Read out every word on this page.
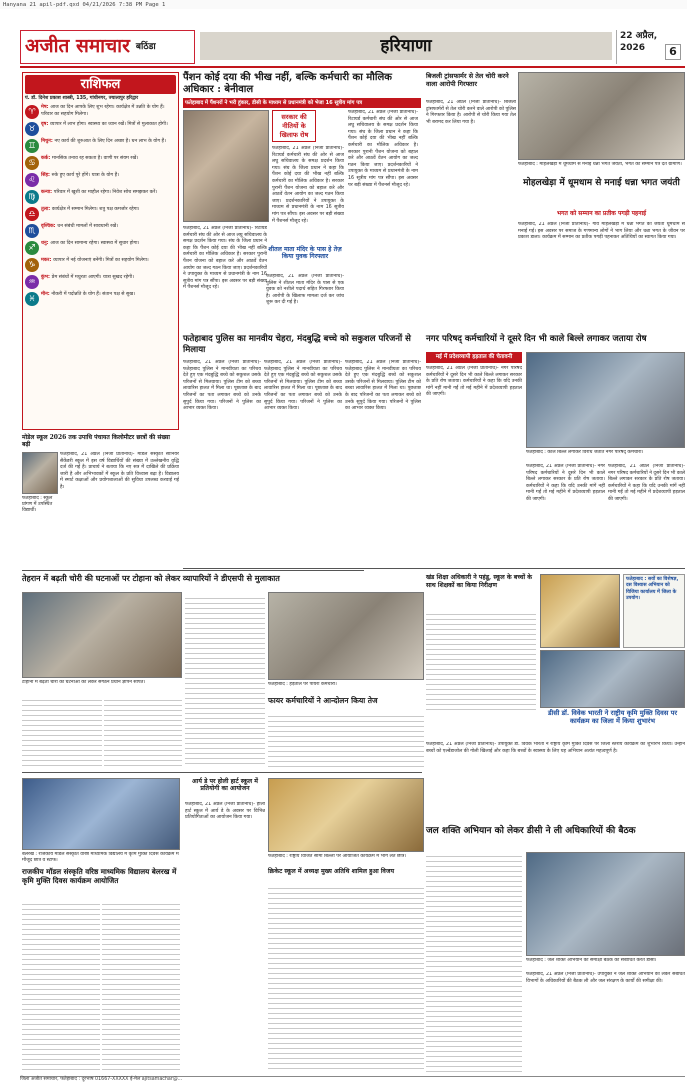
Hanyana 21 apil-pdf.qxd 04/21/2026 7:38 PM Page 1
अजीत समाचार बठिंडा	हरियाणा	22 अप्रैल, 2026	6
राशिफल
पं. डॉ. दिनेश प्रकाश शास्त्री, 135, गांधीनगर, ज्यालापुर हरिद्वार
♈	मेष: आज का दिन आपके लिए शुभ रहेगा। कार्यक्षेत्र में उन्नति के योग हैं। परिवार का सहयोग मिलेगा।
♉	वृष: व्यापार में लाभ होगा। स्वास्थ्य का ध्यान रखें। मित्रों से मुलाकात होगी।
♊	मिथुन: नए कार्य की शुरुआत के लिए दिन अच्छा है। धन लाभ के योग हैं।
♋	कर्क: मानसिक तनाव रह सकता है। वाणी पर संयम रखें।
♌	सिंह: रुके हुए कार्य पूरे होंगे। यात्रा के योग हैं।
♍	कन्या: परिवार में खुशी का माहौल रहेगा। निवेश सोच समझकर करें।
♎	तुला: कार्यक्षेत्र में सम्मान मिलेगा। शत्रु पक्ष कमजोर रहेगा।
♏	वृश्चिक: धन संबंधी मामलों में सावधानी रखें।
♐	धनु: आज का दिन सामान्य रहेगा। स्वास्थ्य में सुधार होगा।
♑	मकर: व्यापार में नई योजनाएं बनेंगी। मित्रों का सहयोग मिलेगा।
♒	कुंभ: प्रेम संबंधों में मधुरता आएगी। यात्रा सुखद रहेगी।
♓	मीन: नौकरी में पदोन्नति के योग हैं। संतान पक्ष से सुख।
मोडेल स्कूल 2026 तक उपाधि पंचायत किलोमीटर छात्रों की संख्या बढ़ी
फतेहाबाद, 21 अप्रैल (निजी प्रतिनिधि)- मोडेल संस्कृति सीनियर सैकेंडरी स्कूल में इस वर्ष विद्यार्थियों की संख्या में उल्लेखनीय वृद्धि दर्ज की गई है। प्राचार्य ने बताया कि नए सत्र में दाखिले की प्रक्रिया जारी है और अभिभावकों में स्कूल के प्रति विश्वास बढ़ा है। विद्यालय में स्मार्ट कक्षाओं और प्रयोगशालाओं की सुविधा उपलब्ध करवाई गई है।
फतेहाबाद : स्कूल प्रांगण में उपस्थित विद्यार्थी।
पैंशन कोई दया की भीख नहीं, बल्कि कर्मचारी का मौलिक अधिकार : बेनीवाल
फतेहाबाद में पैंशनरों ने भरी हुंकार, डीसी के माध्यम से प्रधानमंत्री को भेजा 16 सूत्रीय मांग पत्र
सरकार की नीतियों के खिलाफ रोष
फतेहाबाद, 21 अप्रैल (निजी प्रतिनिधि)- रिटायर्ड कर्मचारी संघ की ओर से आज लघु सचिवालय के समक्ष प्रदर्शन किया गया। संघ के जिला प्रधान ने कहा कि पैंशन कोई दया की भीख नहीं बल्कि कर्मचारी का मौलिक अधिकार है। सरकार पुरानी पैंशन योजना को बहाल करे और आठवें वेतन आयोग का जल्द गठन किया जाए। प्रदर्शनकारियों ने उपायुक्त के माध्यम से प्रधानमंत्री के नाम 16 सूत्रीय मांग पत्र सौंपा। इस अवसर पर बड़ी संख्या में पैंशनर्स मौजूद रहे।
फतेहाबाद, 21 अप्रैल (निजी प्रतिनिधि)- रिटायर्ड कर्मचारी संघ की ओर से आज लघु सचिवालय के समक्ष प्रदर्शन किया गया। संघ के जिला प्रधान ने कहा कि पैंशन कोई दया की भीख नहीं बल्कि कर्मचारी का मौलिक अधिकार है। सरकार पुरानी पैंशन योजना को बहाल करे और आठवें वेतन आयोग का जल्द गठन किया जाए। प्रदर्शनकारियों ने उपायुक्त के माध्यम से प्रधानमंत्री के नाम 16 सूत्रीय मांग पत्र सौंपा। इस अवसर पर बड़ी संख्या में पैंशनर्स मौजूद रहे।
फतेहाबाद, 21 अप्रैल (निजी प्रतिनिधि)- रिटायर्ड कर्मचारी संघ की ओर से आज लघु सचिवालय के समक्ष प्रदर्शन किया गया। संघ के जिला प्रधान ने कहा कि पैंशन कोई दया की भीख नहीं बल्कि कर्मचारी का मौलिक अधिकार है। सरकार पुरानी पैंशन योजना को बहाल करे और आठवें वेतन आयोग का जल्द गठन किया जाए। प्रदर्शनकारियों ने उपायुक्त के माध्यम से प्रधानमंत्री के नाम 16 सूत्रीय मांग पत्र सौंपा। इस अवसर पर बड़ी संख्या में पैंशनर्स मौजूद रहे।
शीतल माता मंदिर के पास हे तेज़ किया युवक गिरफ्तार
फतेहाबाद, 21 अप्रैल (निजी प्रतिनिधि)- पुलिस ने शीतल माता मंदिर के पास से एक युवक को नशीले पदार्थ सहित गिरफ्तार किया है। आरोपी के खिलाफ मामला दर्ज कर जांच शुरू कर दी गई है।
फतेहाबाद पुलिस का मानवीय चेहरा, मंदबुद्धि बच्चे को सकुशल परिजनों से मिलाया
फतेहाबाद, 21 अप्रैल (निजी प्रतिनिधि)- फतेहाबाद पुलिस ने मानवीयता का परिचय देते हुए एक मंदबुद्धि बच्चे को सकुशल उसके परिजनों से मिलवाया। पुलिस टीम को बच्चा लावारिस हालत में मिला था। पूछताछ के बाद परिजनों का पता लगाकर बच्चे को उनके सुपुर्द किया गया। परिजनों ने पुलिस का आभार व्यक्त किया।
फतेहाबाद, 21 अप्रैल (निजी प्रतिनिधि)- फतेहाबाद पुलिस ने मानवीयता का परिचय देते हुए एक मंदबुद्धि बच्चे को सकुशल उसके परिजनों से मिलवाया। पुलिस टीम को बच्चा लावारिस हालत में मिला था। पूछताछ के बाद परिजनों का पता लगाकर बच्चे को उनके सुपुर्द किया गया। परिजनों ने पुलिस का आभार व्यक्त किया।
फतेहाबाद, 21 अप्रैल (निजी प्रतिनिधि)- फतेहाबाद पुलिस ने मानवीयता का परिचय देते हुए एक मंदबुद्धि बच्चे को सकुशल उसके परिजनों से मिलवाया। पुलिस टीम को बच्चा लावारिस हालत में मिला था। पूछताछ के बाद परिजनों का पता लगाकर बच्चे को उनके सुपुर्द किया गया। परिजनों ने पुलिस का आभार व्यक्त किया।
बिजली ट्रांसफार्मर से तेल चोरी करने वाला आरोपी गिरफ्तार
फतेहाबाद, 21 अप्रैल (निजी प्रतिनिधि)- बिजली ट्रांसफार्मरों से तेल चोरी करने वाले आरोपी को पुलिस ने गिरफ्तार किया है। आरोपी से चोरी किया गया तेल भी बरामद कर लिया गया है।
फतेहाबाद : मोहलखेड़ा में धूमधाम से मनाई धन्ना भगत जयंती, भगत को सम्मान पत्र देते ग्रामीण।
मोहलखेड़ा में धूमधाम से मनाई धन्ना भगत जयंती
भगत को सम्मान का प्रतीक पगड़ी पहनाई
फतेहाबाद, 21 अप्रैल (निजी प्रतिनिधि)- गांव मोहलखेड़ा में धन्ना भगत की जयंती धूमधाम से मनाई गई। इस अवसर पर समाज के गणमान्य लोगों ने भाग लिया और धन्ना भगत के जीवन पर प्रकाश डाला। कार्यक्रम में सम्मान का प्रतीक पगड़ी पहनाकर अतिथियों का स्वागत किया गया।
नगर परिषद् कर्मचारियों ने दूसरे दिन भी काले बिल्ले लगाकर जताया रोष
मई में प्रदेशव्यापी हड़ताल की चेतावनी
फतेहाबाद, 21 अप्रैल (निजी प्रतिनिधि)- नगर परिषद कर्मचारियों ने दूसरे दिन भी काले बिल्ले लगाकर सरकार के प्रति रोष जताया। कर्मचारियों ने कहा कि यदि उनकी मांगें नहीं मानी गईं तो मई महीने में प्रदेशव्यापी हड़ताल की जाएगी।
फतेहाबाद : काले बिल्ले लगाकर विरोध जताते नगर परिषद् कर्मचारी।
फतेहाबाद, 21 अप्रैल (निजी प्रतिनिधि)- नगर परिषद कर्मचारियों ने दूसरे दिन भी काले बिल्ले लगाकर सरकार के प्रति रोष जताया। कर्मचारियों ने कहा कि यदि उनकी मांगें नहीं मानी गईं तो मई महीने में प्रदेशव्यापी हड़ताल की जाएगी।
फतेहाबाद, 21 अप्रैल (निजी प्रतिनिधि)- नगर परिषद कर्मचारियों ने दूसरे दिन भी काले बिल्ले लगाकर सरकार के प्रति रोष जताया। कर्मचारियों ने कहा कि यदि उनकी मांगें नहीं मानी गईं तो मई महीने में प्रदेशव्यापी हड़ताल की जाएगी।
तेहरान में बढ़ती चोरी की घटनाओं पर टोहाना को लेकर व्यापारियों ने डीएसपी से मुलाकात
टोहाना में बढ़ती चोरी की घटनाओं को लेकर संगठन प्रधान ज्ञापन सौंपते।	फतेहाबाद : हड़ताल पर पायरा कर्मचारी।
फायर कर्मचारियों ने आन्दोलन किया तेज
खंड शिक्षा अधिकारी ने पहंडू, स्कूल के बच्चों के साथ शिक्षकों का किया निरीक्षण
फतेहाबाद : सर्वो का विशेषज्ञ, दस विश्वास अभियान को विजिया कार्यालय में जिला के उपयोग।
डीसी डॉ. विवेक भारती ने राष्ट्रीय कृमि मुक्ति दिवस पर कार्यक्रम का जिला में किया शुभारंभ
फतेहाबाद, 21 अप्रैल (निजी प्रतिनिधि)- उपायुक्त डॉ. विवेक भारती ने राष्ट्रीय कृमि मुक्ति दिवस पर जिला स्तरीय कार्यक्रम का शुभारंभ किया। उन्होंने बच्चों को एल्बेंडाजोल की गोली खिलाई और कहा कि बच्चों के स्वास्थ्य के लिए यह अभियान अत्यंत महत्वपूर्ण है।
आर्य डे पर होली हार्ट स्कूल में प्रतियोगी का आयोजन
फतेहाबाद, 21 अप्रैल (निजी प्रतिनिधि)- होली हार्ट स्कूल में आर्य डे के अवसर पर विभिन्न प्रतियोगिताओं का आयोजन किया गया।
बेलरख : राजकीय मॉडल संस्कृति वरिष्ठ माध्यमिक विद्यालय में कृमि मुक्ति दिवस कार्यक्रम में मौजूद छात्र व स्टाफ।
राजकीय मॉडल संस्कृति वरिष्ठ माध्यमिक विद्यालय बेलरख में कृमि मुक्ति दिवस कार्यक्रम आयोजित
फतेहाबाद : राष्ट्रीय विजित सीमा बिल्ला पर आयोजित कार्यक्रम में भाग लेते छात्र।
क्रिकेट स्कूल में अध्यक्ष मुख्य अतिथि शामिल हुआ विजय
जल शक्ति अभियान को लेकर डीसी ने ली अधिकारियों की बैठक
फतेहाबाद : जल शक्ति अभियान की समीक्षा बैठक को संबोधित करते डीसी।
फतेहाबाद, 21 अप्रैल (निजी प्रतिनिधि)- उपायुक्त ने जल शक्ति अभियान को लेकर संबंधित विभागों के अधिकारियों की बैठक ली और जल संरक्षण के कार्यों की समीक्षा की।
जिला अजीत समाचार, फतेहाबाद : दूरभाष 01667-XXXXX ई-मेल ajitsamachar@...
